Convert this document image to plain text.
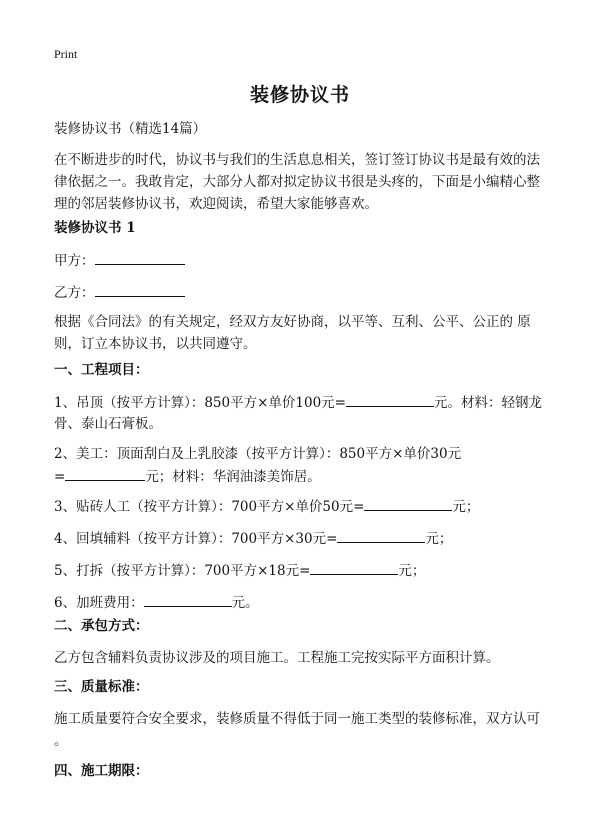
Print
装修协议书

装修协议书（精选14篇）

在不断进步的时代，协议书与我们的生活息息相关，签订签订协议书是最有效的法

律依据之一。我敢肯定，大部分人都对拟定协议书很是头疼的，下面是小编精心整

理的邻居装修协议书，欢迎阅读，希望大家能够喜欢。

装修协议书 1

甲方：

乙方：

根据《合同法》的有关规定，经双方友好协商，以平等、互利、公平、公正的 原

则，订立本协议书，以共同遵守。

一、工程项目：

1、吊顶（按平方计算）：850平方×单价100元=	元。材料：轻钢龙

骨、泰山石膏板。

2、美工：顶面刮白及上乳胶漆（按平方计算）：850平方×单价30元

=	元；材料：华润油漆美饰居。

3、贴砖人工（按平方计算）：700平方×单价50元=	元；

4、回填辅料（按平方计算）：700平方×30元=	元；

5、打拆（按平方计算）：700平方×18元=	元；

6、加班费用：	元。

二、承包方式：

乙方包含辅料负责协议涉及的项目施工。工程施工完按实际平方面积计算。

三、质量标准：

施工质量要符合安全要求，装修质量不得低于同一施工类型的装修标准，双方认可

。

四、施工期限：
